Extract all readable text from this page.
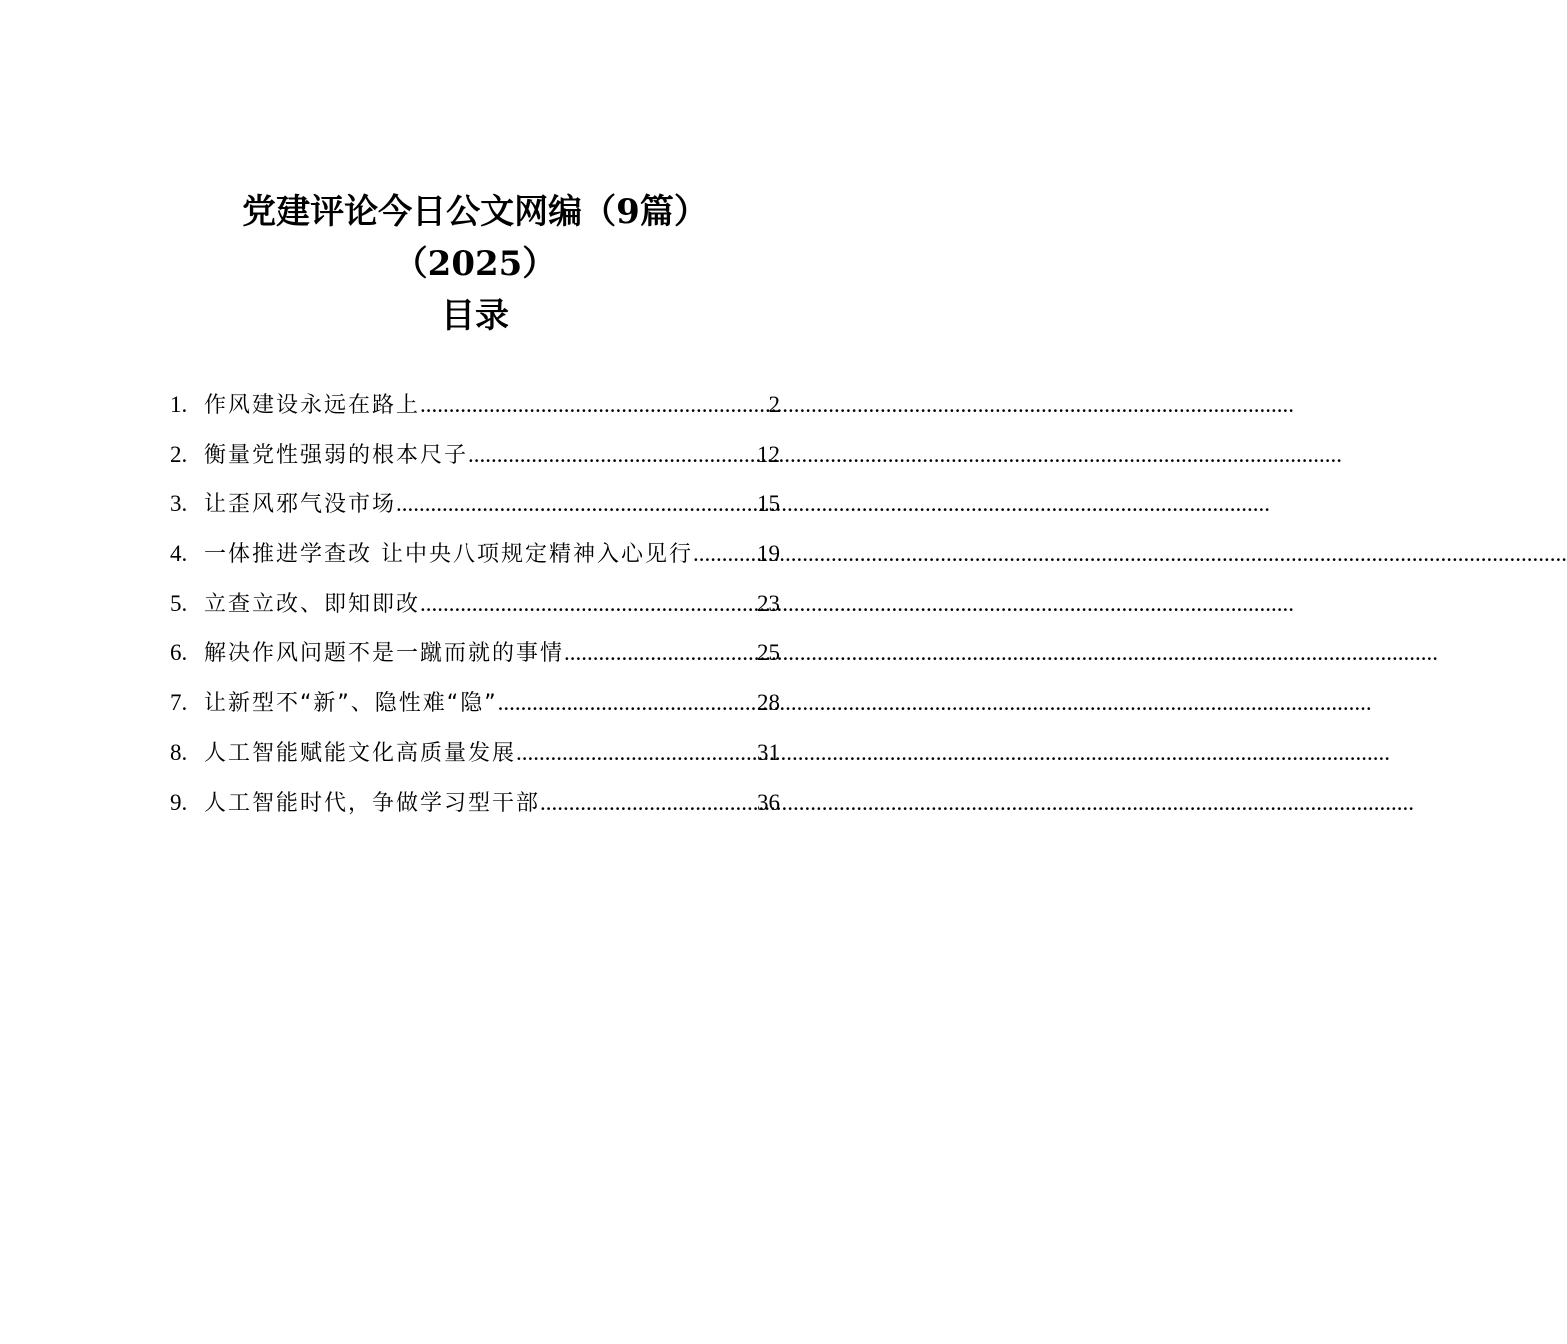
党建评论今日公文网编（9篇）
（2025）
目录
1. 作风建设永远在路上 .....	2
2. 衡量党性强弱的根本尺子 .....	12
3. 让歪风邪气没市场 .....	15
4. 一体推进学查改 让中央八项规定精神入心见行 .....	19
5. 立查立改、即知即改 .....	23
6. 解决作风问题不是一蹴而就的事情 .....	25
7. 让新型不“新”、隐性难“隐” .....	28
8. 人工智能赋能文化高质量发展 .....	31
9. 人工智能时代，争做学习型干部 .....	36
